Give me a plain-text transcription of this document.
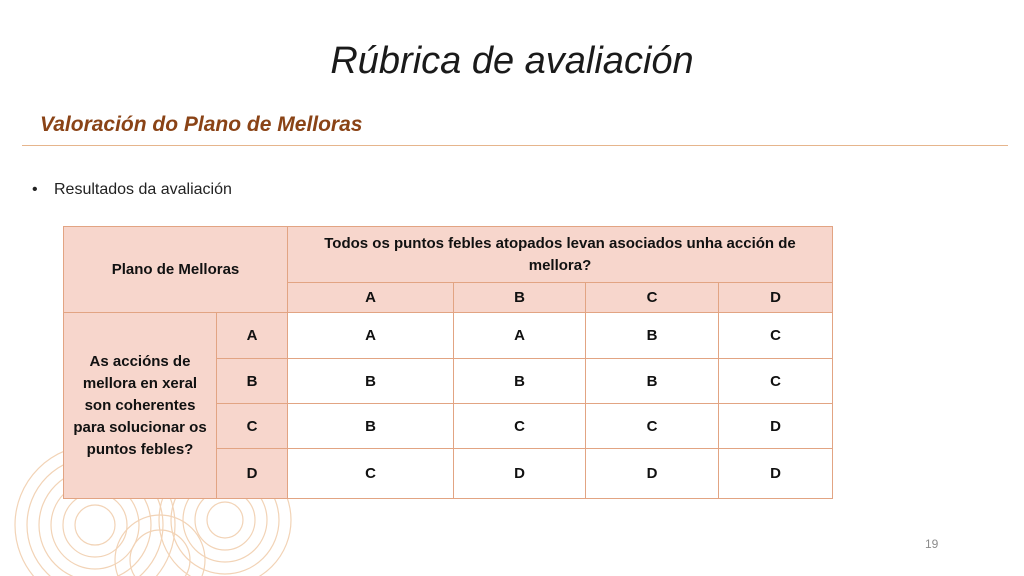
Rúbrica de avaliación
Valoración do Plano de Melloras
•	Resultados da avaliación
Plano de Melloras		Todos os puntos febles atopados levan asociados unha acción de mellora?			
		A	B	C	D
As accións de mellora en xeral son coherentes para solucionar os puntos febles?	A	A	A	B	C
	B	B	B	B	C
	C	B	C	C	D
	D	C	D	D	D
19
